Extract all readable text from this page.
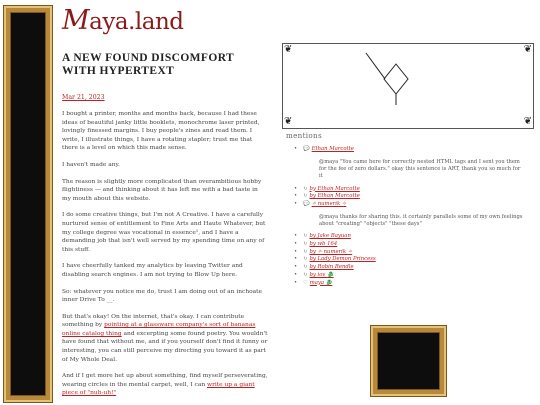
Maya.land
A NEW FOUND DISCOMFORT WITH HYPERTEXT
Mar 21, 2023

I bought a printer, months and months back, because I had these ideas of beautiful janky little booklets, monochrome laser printed, lovingly finessed margins. I buy people's zines and read them. I write, I illustrate things, I have a rotating stapler; trust me that there is a level on which this made sense.

I haven't made any.

The reason is slightly more complicated than overambitious hobby flightiness — and thinking about it has left me with a bad taste in my mouth about this website.

I do some creative things, but I'm not A Creative. I have a carefully nurtured sense of entitlement to Fine Arts and Haute Whatever, but my college degree was vocational in essence¹, and I have a demanding job that isn't well served by my spending time on any of this stuff.

I have cheerfully tanked my analytics by leaving Twitter and disabling search engines. I am not trying to Blow Up here.

So: whatever you notice me do, trust I am doing out of an inchoate inner Drive To __.

But that's okay! On the internet, that's okay. I can contribute something by pointing at a glassware company's sort of bananas online catalog thing and excerpting some found poetry. You wouldn't have found that without me, and if you yourself don't find it funny or interesting, you can still perceive my directing you toward it as part of My Whole Deal.

And if I get more het up about something, find myself perseverating, wearing circles in the mental carpet, well, I can write up a giant piece of "nuh-uh!"

❦	❦
❦	❦
mentions
• 💬 Ethan Marcotte
@maya "You came here for correctly nested HTML tags and I sent you them for the fee of zero dollars." okay this sentence is ART, thank you so much for it
• ↻ by Ethan Marcotte
• ↻ by Ethan Marcotte
• 💬 ✧ numerik ✧
@maya thanks for sharing this. it certainly parallels some of my own feelings about "creating" "objects" "these days"
• ↻ by Jake Bayuan
• ↻ by wb 164
• ↻ by ✧ numerik ✧
• ↻ by Lady Demon Princess
• ↻ by Robin Rendle
• ↻ by iov 🐉
• ♡ maya 🐉
